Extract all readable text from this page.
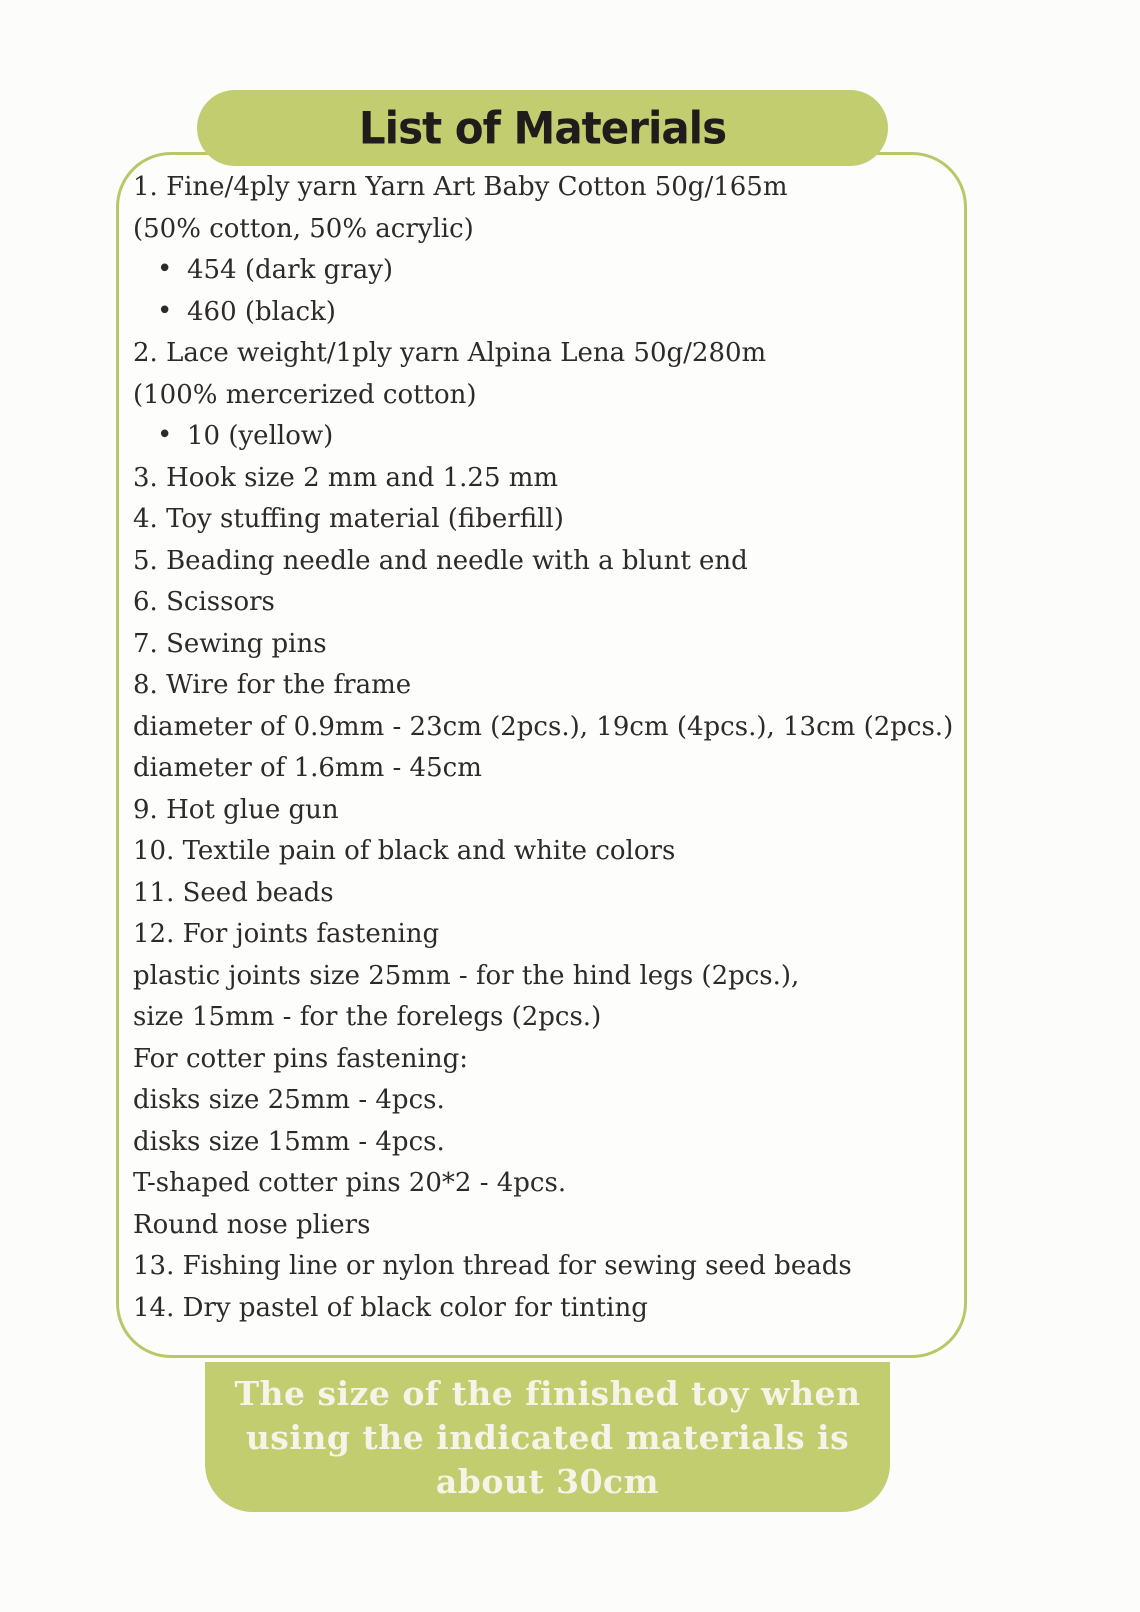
List of Materials
1. Fine/4ply yarn Yarn Art Baby Cotton 50g/165m
(50% cotton, 50% acrylic)
• 454 (dark gray)
• 460 (black)
2. Lace weight/1ply yarn Alpina Lena 50g/280m
(100% mercerized cotton)
• 10 (yellow)
3. Hook size 2 mm and 1.25 mm
4. Toy stuffing material (fiberfill)
5. Beading needle and needle with a blunt end
6. Scissors
7. Sewing pins
8. Wire for the frame
diameter of 0.9mm - 23cm (2pcs.), 19cm (4pcs.), 13cm (2pcs.)
diameter of 1.6mm - 45cm
9. Hot glue gun
10. Textile pain of black and white colors
11. Seed beads
12. For joints fastening
plastic joints size 25mm - for the hind legs (2pcs.),
size 15mm - for the forelegs (2pcs.)
For cotter pins fastening:
disks size 25mm - 4pcs.
disks size 15mm - 4pcs.
T-shaped cotter pins 20*2 - 4pcs.
Round nose pliers
13. Fishing line or nylon thread for sewing seed beads
14. Dry pastel of black color for tinting
The size of the finished toy when
using the indicated materials is
about 30cm
